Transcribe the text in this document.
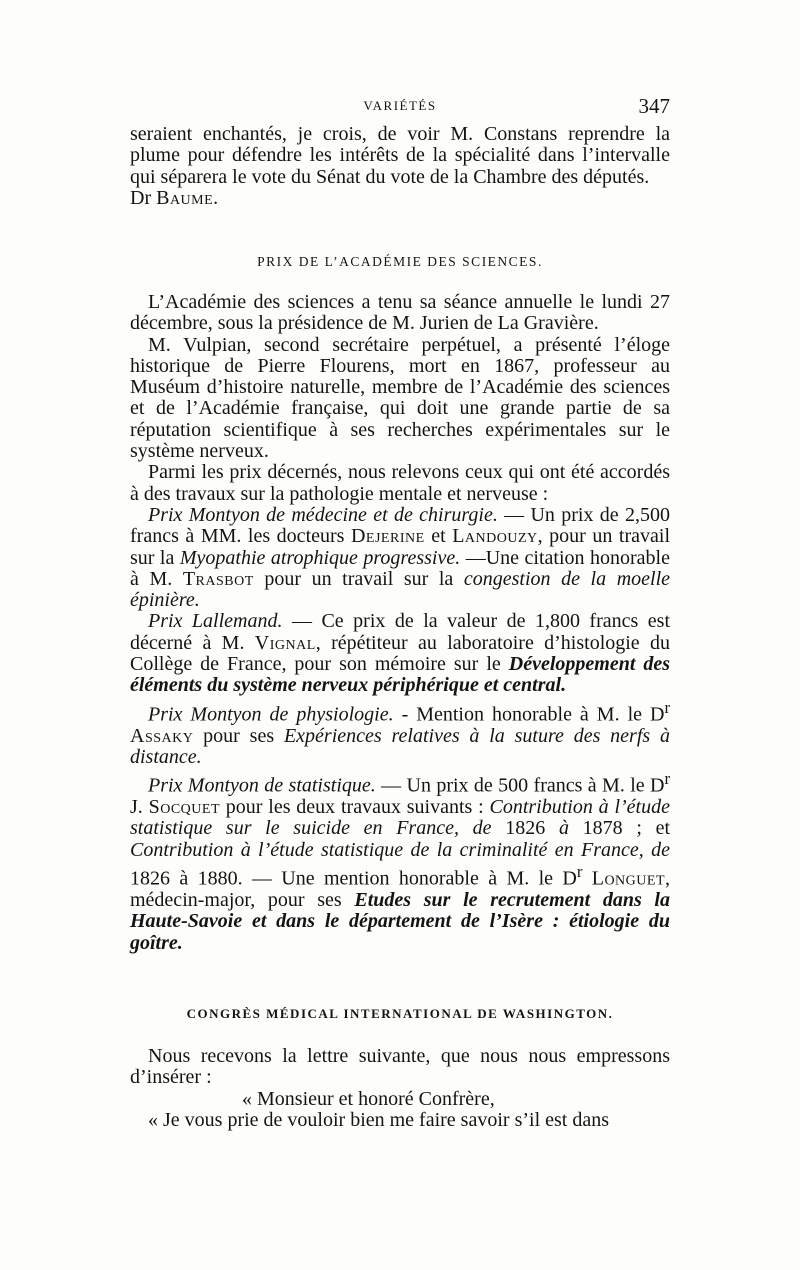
VARIÉTÉS	347

seraient enchantés, je crois, de voir M. Constans reprendre la plume pour défendre les intérêts de la spécialité dans l’intervalle qui séparera le vote du Sénat du vote de la Chambre des députés.

Dr Baume.

PRIX DE L’ACADÉMIE DES SCIENCES.

L’Académie des sciences a tenu sa séance annuelle le lundi 27 décembre, sous la présidence de M. Jurien de La Gravière.

M. Vulpian, second secrétaire perpétuel, a présenté l’éloge historique de Pierre Flourens, mort en 1867, professeur au Muséum d’histoire naturelle, membre de l’Académie des sciences et de l’Académie française, qui doit une grande partie de sa réputation scientifique à ses recherches expérimentales sur le système nerveux.

Parmi les prix décernés, nous relevons ceux qui ont été accordés à des travaux sur la pathologie mentale et nerveuse :

Prix Montyon de médecine et de chirurgie. — Un prix de 2,500 francs à MM. les docteurs Dejerine et Landouzy, pour un travail sur la Myopathie atrophique progressive. —Une citation honorable à M. Trasbot pour un travail sur la congestion de la moelle épinière.

Prix Lallemand. — Ce prix de la valeur de 1,800 francs est décerné à M. Vignal, répétiteur au laboratoire d’histologie du Collège de France, pour son mémoire sur le Développement des éléments du système nerveux périphérique et central.

Prix Montyon de physiologie. - Mention honorable à M. le $D^r$ Assaky pour ses Expériences relatives à la suture des nerfs à distance.

Prix Montyon de statistique. — Un prix de 500 francs à M. le $D^r$ J. Socquet pour les deux travaux suivants : Contribution à l’étude statistique sur le suicide en France, de 1826 à 1878 ; et Contribution à l’étude statistique de la criminalité en France, de 1826 à 1880. — Une mention honorable à M. le $D^r$ Longuet, médecin-major, pour ses Etudes sur le recrutement dans la Haute-Savoie et dans le département de l’Isère : étiologie du goître.

CONGRÈS MÉDICAL INTERNATIONAL DE WASHINGTON.

Nous recevons la lettre suivante, que nous nous empressons d’insérer :

« Monsieur et honoré Confrère,

« Je vous prie de vouloir bien me faire savoir s’il est dans
